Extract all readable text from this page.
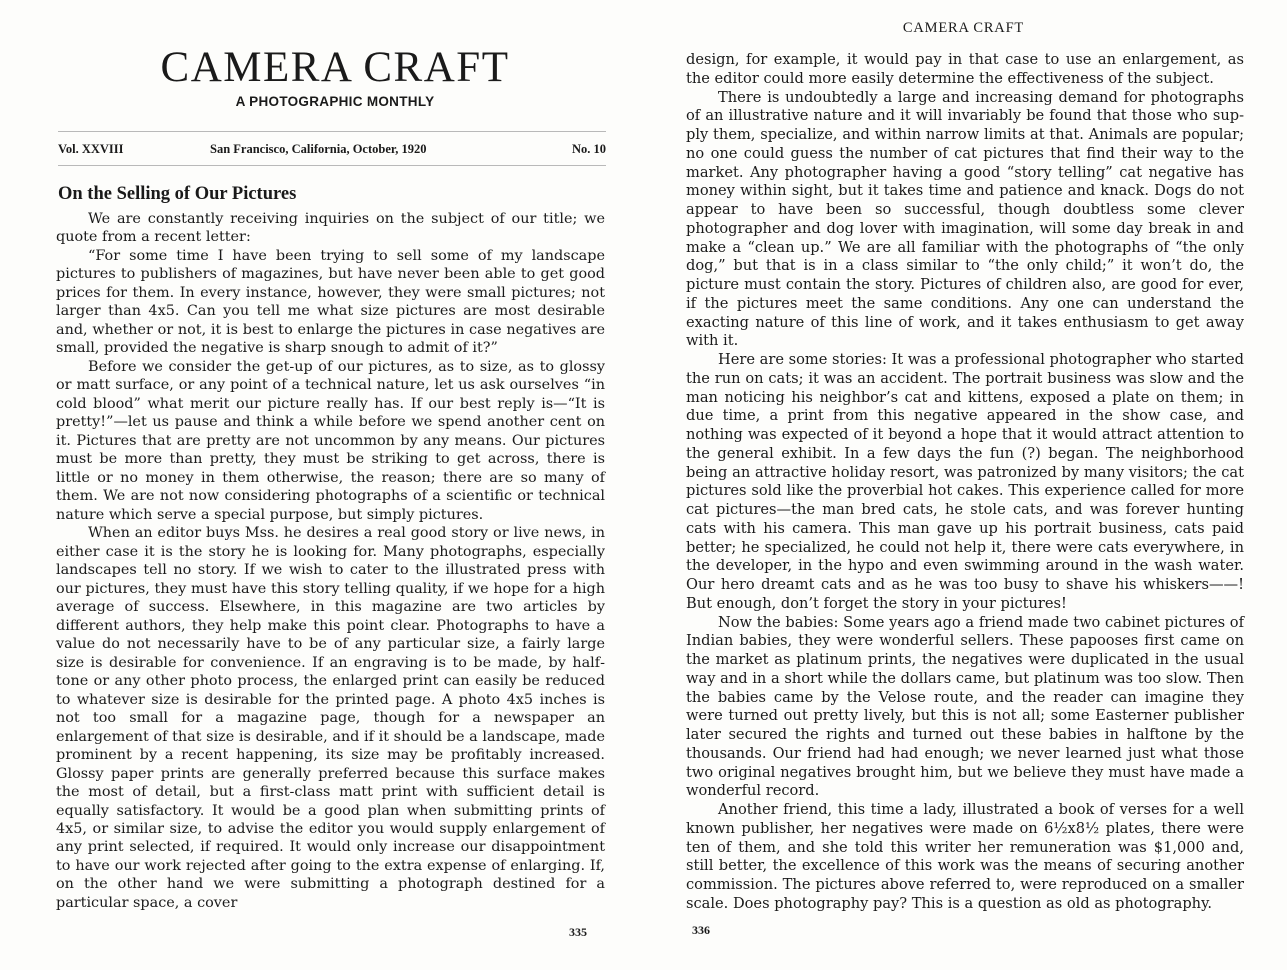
CAMERA CRAFT
A PHOTOGRAPHIC MONTHLY
Vol. XXVIII	San Francisco, California, October, 1920	No. 10
On the Selling of Our Pictures

We are constantly receiving inquiries on the subject of our title; we quote from a recent letter:

“For some time I have been trying to sell some of my landscape pictures to publishers of magazines, but have never been able to get good prices for them. In every instance, however, they were small pictures; not larger than 4x5. Can you tell me what size pictures are most desirable and, whether or not, it is best to enlarge the pictures in case negatives are small, provided the negative is sharp snough to admit of it?”

Before we consider the get-up of our pictures, as to size, as to glossy or matt surface, or any point of a technical nature, let us ask ourselves “in cold blood” what merit our picture really has. If our best reply is—“It is pretty!”—let us pause and think a while before we spend another cent on it. Pictures that are pretty are not uncommon by any means. Our pictures must be more than pretty, they must be striking to get across, there is little or no money in them otherwise, the reason; there are so many of them. We are not now considering photographs of a scientific or technical nature which serve a special purpose, but simply pictures.

When an editor buys Mss. he desires a real good story or live news, in either case it is the story he is looking for. Many photographs, especially landscapes tell no story. If we wish to cater to the illustrated press with our pictures, they must have this story telling quality, if we hope for a high average of success. Elsewhere, in this magazine are two articles by different authors, they help make this point clear. Photographs to have a value do not necessarily have to be of any particular size, a fairly large size is desirable for convenience. If an engraving is to be made, by halftone or any other photo process, the enlarged print can easily be reduced to whatever size is desirable for the printed page. A photo 4x5 inches is not too small for a magazine page, though for a newspaper an enlargement of that size is desirable, and if it should be a landscape, made prominent by a recent happening, its size may be profitably increased. Glossy paper prints are generally preferred because this surface makes the most of detail, but a first-class matt print with sufficient detail is equally satisfactory. It would be a good plan when submitting prints of 4x5, or similar size, to advise the editor you would supply enlargement of any print selected, if required. It would only increase our disappointment to have our work rejected after going to the extra expense of enlarging. If, on the other hand we were submitting a photograph destined for a particular space, a cover

335
CAMERA CRAFT

design, for example, it would pay in that case to use an enlargement, as the editor could more easily determine the effectiveness of the subject.

There is undoubtedly a large and increasing demand for photographs of an illustrative nature and it will invariably be found that those who supply them, specialize, and within narrow limits at that. Animals are popular; no one could guess the number of cat pictures that find their way to the market. Any photographer having a good “story telling” cat negative has money within sight, but it takes time and patience and knack. Dogs do not appear to have been so successful, though doubtless some clever photographer and dog lover with imagination, will some day break in and make a “clean up.” We are all familiar with the photographs of “the only dog,” but that is in a class similar to “the only child;” it won’t do, the picture must contain the story. Pictures of children also, are good for ever, if the pictures meet the same conditions. Any one can understand the exacting nature of this line of work, and it takes enthusiasm to get away with it.

Here are some stories: It was a professional photographer who started the run on cats; it was an accident. The portrait business was slow and the man noticing his neighbor’s cat and kittens, exposed a plate on them; in due time, a print from this negative appeared in the show case, and nothing was expected of it beyond a hope that it would attract attention to the general exhibit. In a few days the fun (?) began. The neighborhood being an attractive holiday resort, was patronized by many visitors; the cat pictures sold like the proverbial hot cakes. This experience called for more cat pictures—the man bred cats, he stole cats, and was forever hunting cats with his camera. This man gave up his portrait business, cats paid better; he specialized, he could not help it, there were cats everywhere, in the developer, in the hypo and even swimming around in the wash water. Our hero dreamt cats and as he was too busy to shave his whiskers——! But enough, don’t forget the story in your pictures!

Now the babies: Some years ago a friend made two cabinet pictures of Indian babies, they were wonderful sellers. These papooses first came on the market as platinum prints, the negatives were duplicated in the usual way and in a short while the dollars came, but platinum was too slow. Then the babies came by the Velose route, and the reader can imagine they were turned out pretty lively, but this is not all; some Easterner publisher later secured the rights and turned out these babies in halftone by the thousands. Our friend had had enough; we never learned just what those two original negatives brought him, but we believe they must have made a wonderful record.

Another friend, this time a lady, illustrated a book of verses for a well known publisher, her negatives were made on 6½x8½ plates, there were ten of them, and she told this writer her remuneration was $1,000 and, still better, the excellence of this work was the means of securing another commission. The pictures above referred to, were reproduced on a smaller scale. Does photography pay? This is a question as old as photography.

336
